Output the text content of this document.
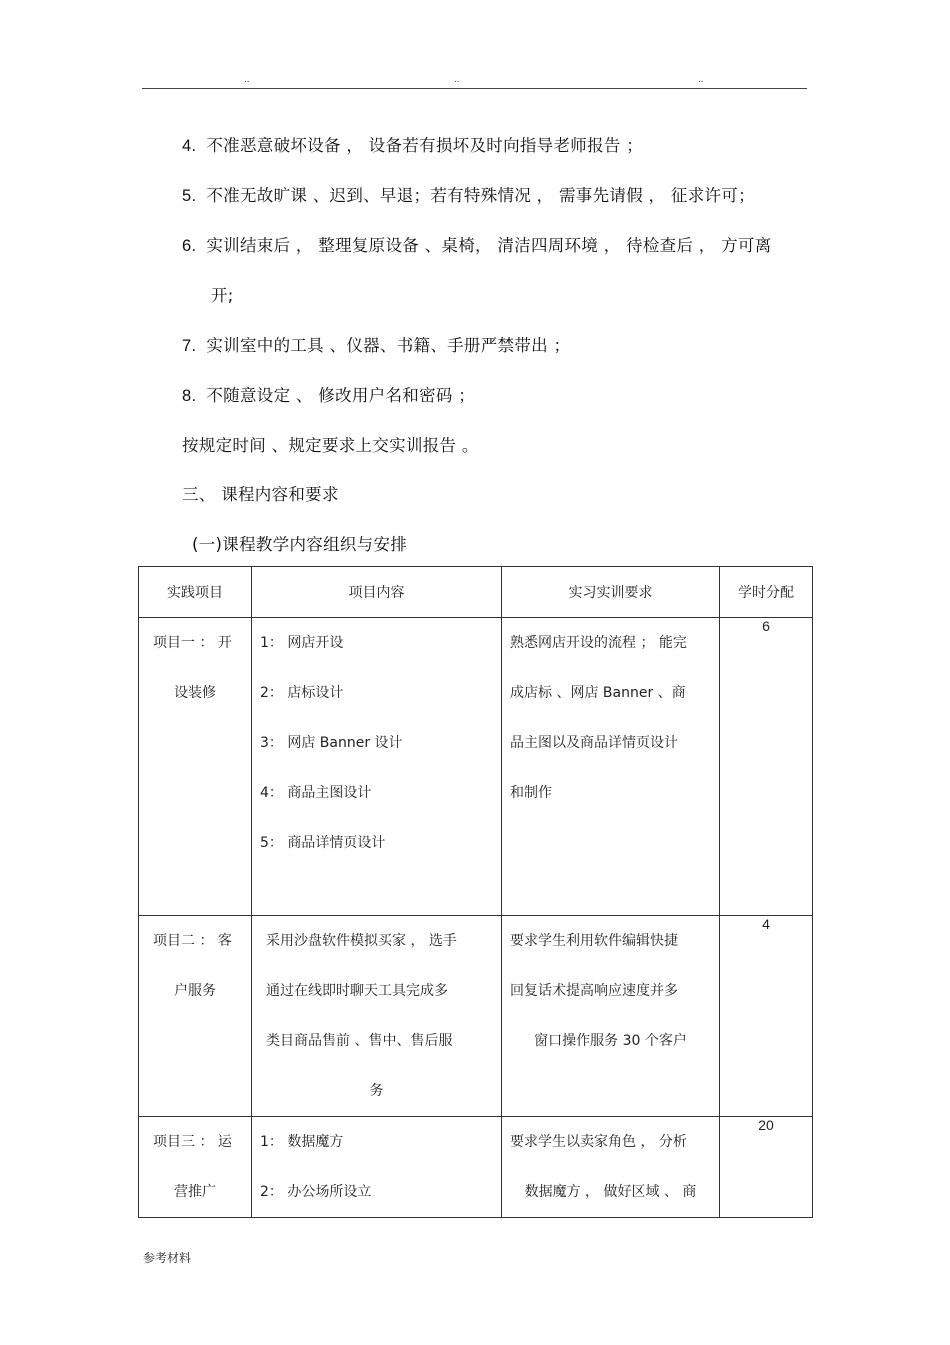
..	..	..
4. 不准恶意破坏设备 ， 设备若有损坏及时向指导老师报告 ；
5. 不准无故旷课 、迟到、早退；若有特殊情况 ， 需事先请假 ， 征求许可；
6. 实训结束后 ， 整理复原设备 、桌椅， 清洁四周环境 ， 待检查后 ， 方可离
开;
7. 实训室中的工具 、仪器、书籍、手册严禁带出 ；
8. 不随意设定 、 修改用户名和密码 ；
按规定时间 、规定要求上交实训报告 。
三、 课程内容和要求
(一)课程教学内容组织与安排
实践项目	项目内容	实习实训要求	学时分配

项目一 ： 开
设装修	1： 网店开设
2： 店标设计
3： 网店 Banner 设计
4： 商品主图设计
5： 商品详情页设计	熟悉网店开设的流程 ； 能完
成店标 、网店 Banner 、商
品主图以及商品详情页设计
和制作	6

项目二 ： 客
户服务	采用沙盘软件模拟买家 ， 选手
通过在线即时聊天工具完成多
类目商品售前 、售中、售后服
务	要求学生利用软件编辑快捷
回复话术提高响应速度并多
窗口操作服务 30 个客户	4

项目三 ： 运
营推广	1： 数据魔方
2： 办公场所设立	要求学生以卖家角色 ， 分析
数据魔方 ， 做好区域 、 商	20
参考材料
